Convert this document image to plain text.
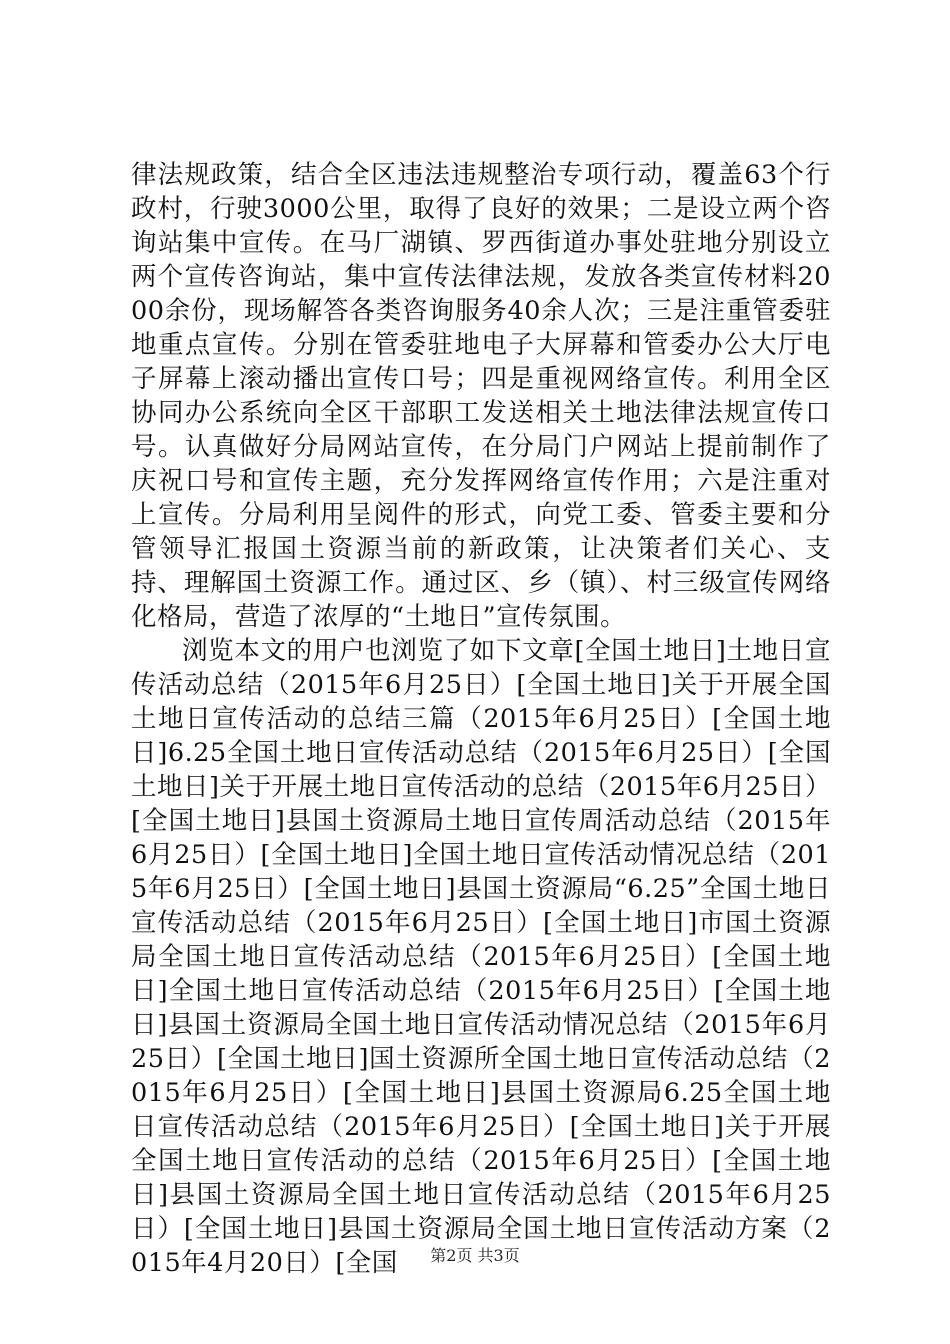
律法规政策，结合全区违法违规整治专项行动，覆盖63个行政村，行驶3000公里，取得了良好的效果；二是设立两个咨询站集中宣传。在马厂湖镇、罗西街道办事处驻地分别设立两个宣传咨询站，集中宣传法律法规，发放各类宣传材料2000余份，现场解答各类咨询服务40余人次；三是注重管委驻地重点宣传。分别在管委驻地电子大屏幕和管委办公大厅电子屏幕上滚动播出宣传口号；四是重视网络宣传。利用全区协同办公系统向全区干部职工发送相关土地法律法规宣传口号。认真做好分局网站宣传，在分局门户网站上提前制作了庆祝口号和宣传主题，充分发挥网络宣传作用；六是注重对上宣传。分局利用呈阅件的形式，向党工委、管委主要和分管领导汇报国土资源当前的新政策，让决策者们关心、支持、理解国土资源工作。通过区、乡（镇）、村三级宣传网络化格局，营造了浓厚的“土地日”宣传氛围。

浏览本文的用户也浏览了如下文章[全国土地日]土地日宣传活动总结（2015年6月25日）[全国土地日]关于开展全国土地日宣传活动的总结三篇（2015年6月25日）[全国土地日]6.25全国土地日宣传活动总结（2015年6月25日）[全国土地日]关于开展土地日宣传活动的总结（2015年6月25日）[全国土地日]县国土资源局土地日宣传周活动总结（2015年6月25日）[全国土地日]全国土地日宣传活动情况总结（2015年6月25日）[全国土地日]县国土资源局“6.25”全国土地日宣传活动总结（2015年6月25日）[全国土地日]市国土资源局全国土地日宣传活动总结（2015年6月25日）[全国土地日]全国土地日宣传活动总结（2015年6月25日）[全国土地日]县国土资源局全国土地日宣传活动情况总结（2015年6月25日）[全国土地日]国土资源所全国土地日宣传活动总结（2015年6月25日）[全国土地日]县国土资源局6.25全国土地日宣传活动总结（2015年6月25日）[全国土地日]关于开展全国土地日宣传活动的总结（2015年6月25日）[全国土地日]县国土资源局全国土地日宣传活动总结（2015年6月25日）[全国土地日]县国土资源局全国土地日宣传活动方案（2015年4月20日）[全国	第2页 共3页
